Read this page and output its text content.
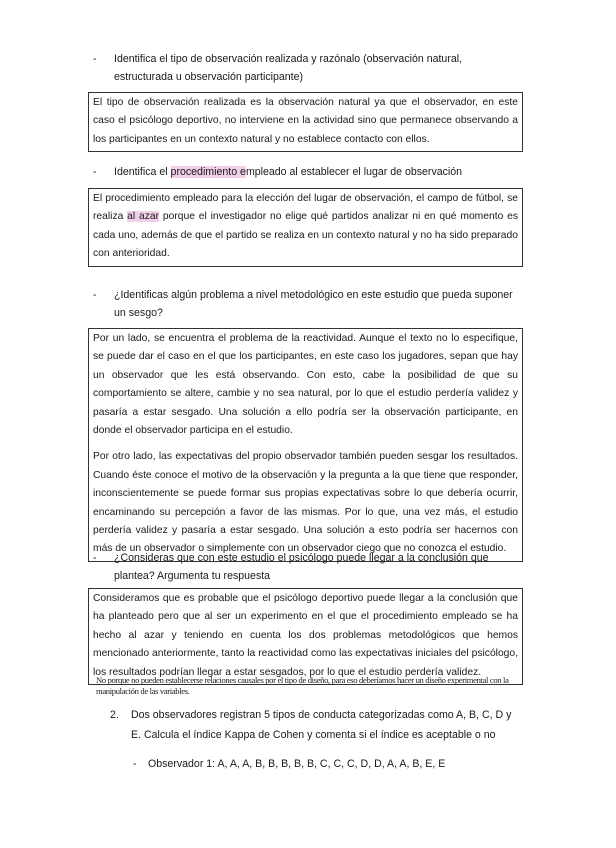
- Identifica el tipo de observación realizada y razónalo (observación natural, estructurada u observación participante)

El tipo de observación realizada es la observación natural ya que el observador, en este caso el psicólogo deportivo, no interviene en la actividad sino que permanece observando a los participantes en un contexto natural y no establece contacto con ellos.

- Identifica el procedimiento empleado al establecer el lugar de observación

El procedimiento empleado para la elección del lugar de observación, el campo de fútbol, se realiza al azar porque el investigador no elige qué partidos analizar ni en qué momento es cada uno, además de que el partido se realiza en un contexto natural y no ha sido preparado con anterioridad.

- ¿Identificas algún problema a nivel metodológico en este estudio que pueda suponer un sesgo?

Por un lado, se encuentra el problema de la reactividad. Aunque el texto no lo especifique, se puede dar el caso en el que los participantes, en este caso los jugadores, sepan que hay un observador que les está observando. Con esto, cabe la posibilidad de que su comportamiento se altere, cambie y no sea natural, por lo que el estudio perdería validez y pasaría a estar sesgado. Una solución a ello podría ser la observación participante, en donde el observador participa en el estudio.

Por otro lado, las expectativas del propio observador también pueden sesgar los resultados. Cuando éste conoce el motivo de la observación y la pregunta a la que tiene que responder, inconscientemente se puede formar sus propias expectativas sobre lo que debería ocurrir, encaminando su percepción a favor de las mismas. Por lo que, una vez más, el estudio perdería validez y pasaría a estar sesgado. Una solución a esto podría ser hacernos con más de un observador o simplemente con un observador ciego que no conozca el estudio.

- ¿Consideras que con este estudio el psicólogo puede llegar a la conclusión que plantea? Argumenta tu respuesta

Consideramos que es probable que el psicólogo deportivo puede llegar a la conclusión que ha planteado pero que al ser un experimento en el que el procedimiento empleado se ha hecho al azar y teniendo en cuenta los dos problemas metodológicos que hemos mencionado anteriormente, tanto la reactividad como las expectativas iniciales del psicólogo, los resultados podrían llegar a estar sesgados, por lo que el estudio perdería validez.

No porque no pueden establecerse relaciones causales por el tipo de diseño, para eso deberíamos hacer un diseño experimental con la manipulación de las variables.
2. Dos observadores registran 5 tipos de conducta categorizadas como A, B, C, D y E. Calcula el índice Kappa de Cohen y comenta si el índice es aceptable o no
- Observador 1: A, A, A, B, B, B, B, B, C, C, C, D, D, A, A, B, E, E
